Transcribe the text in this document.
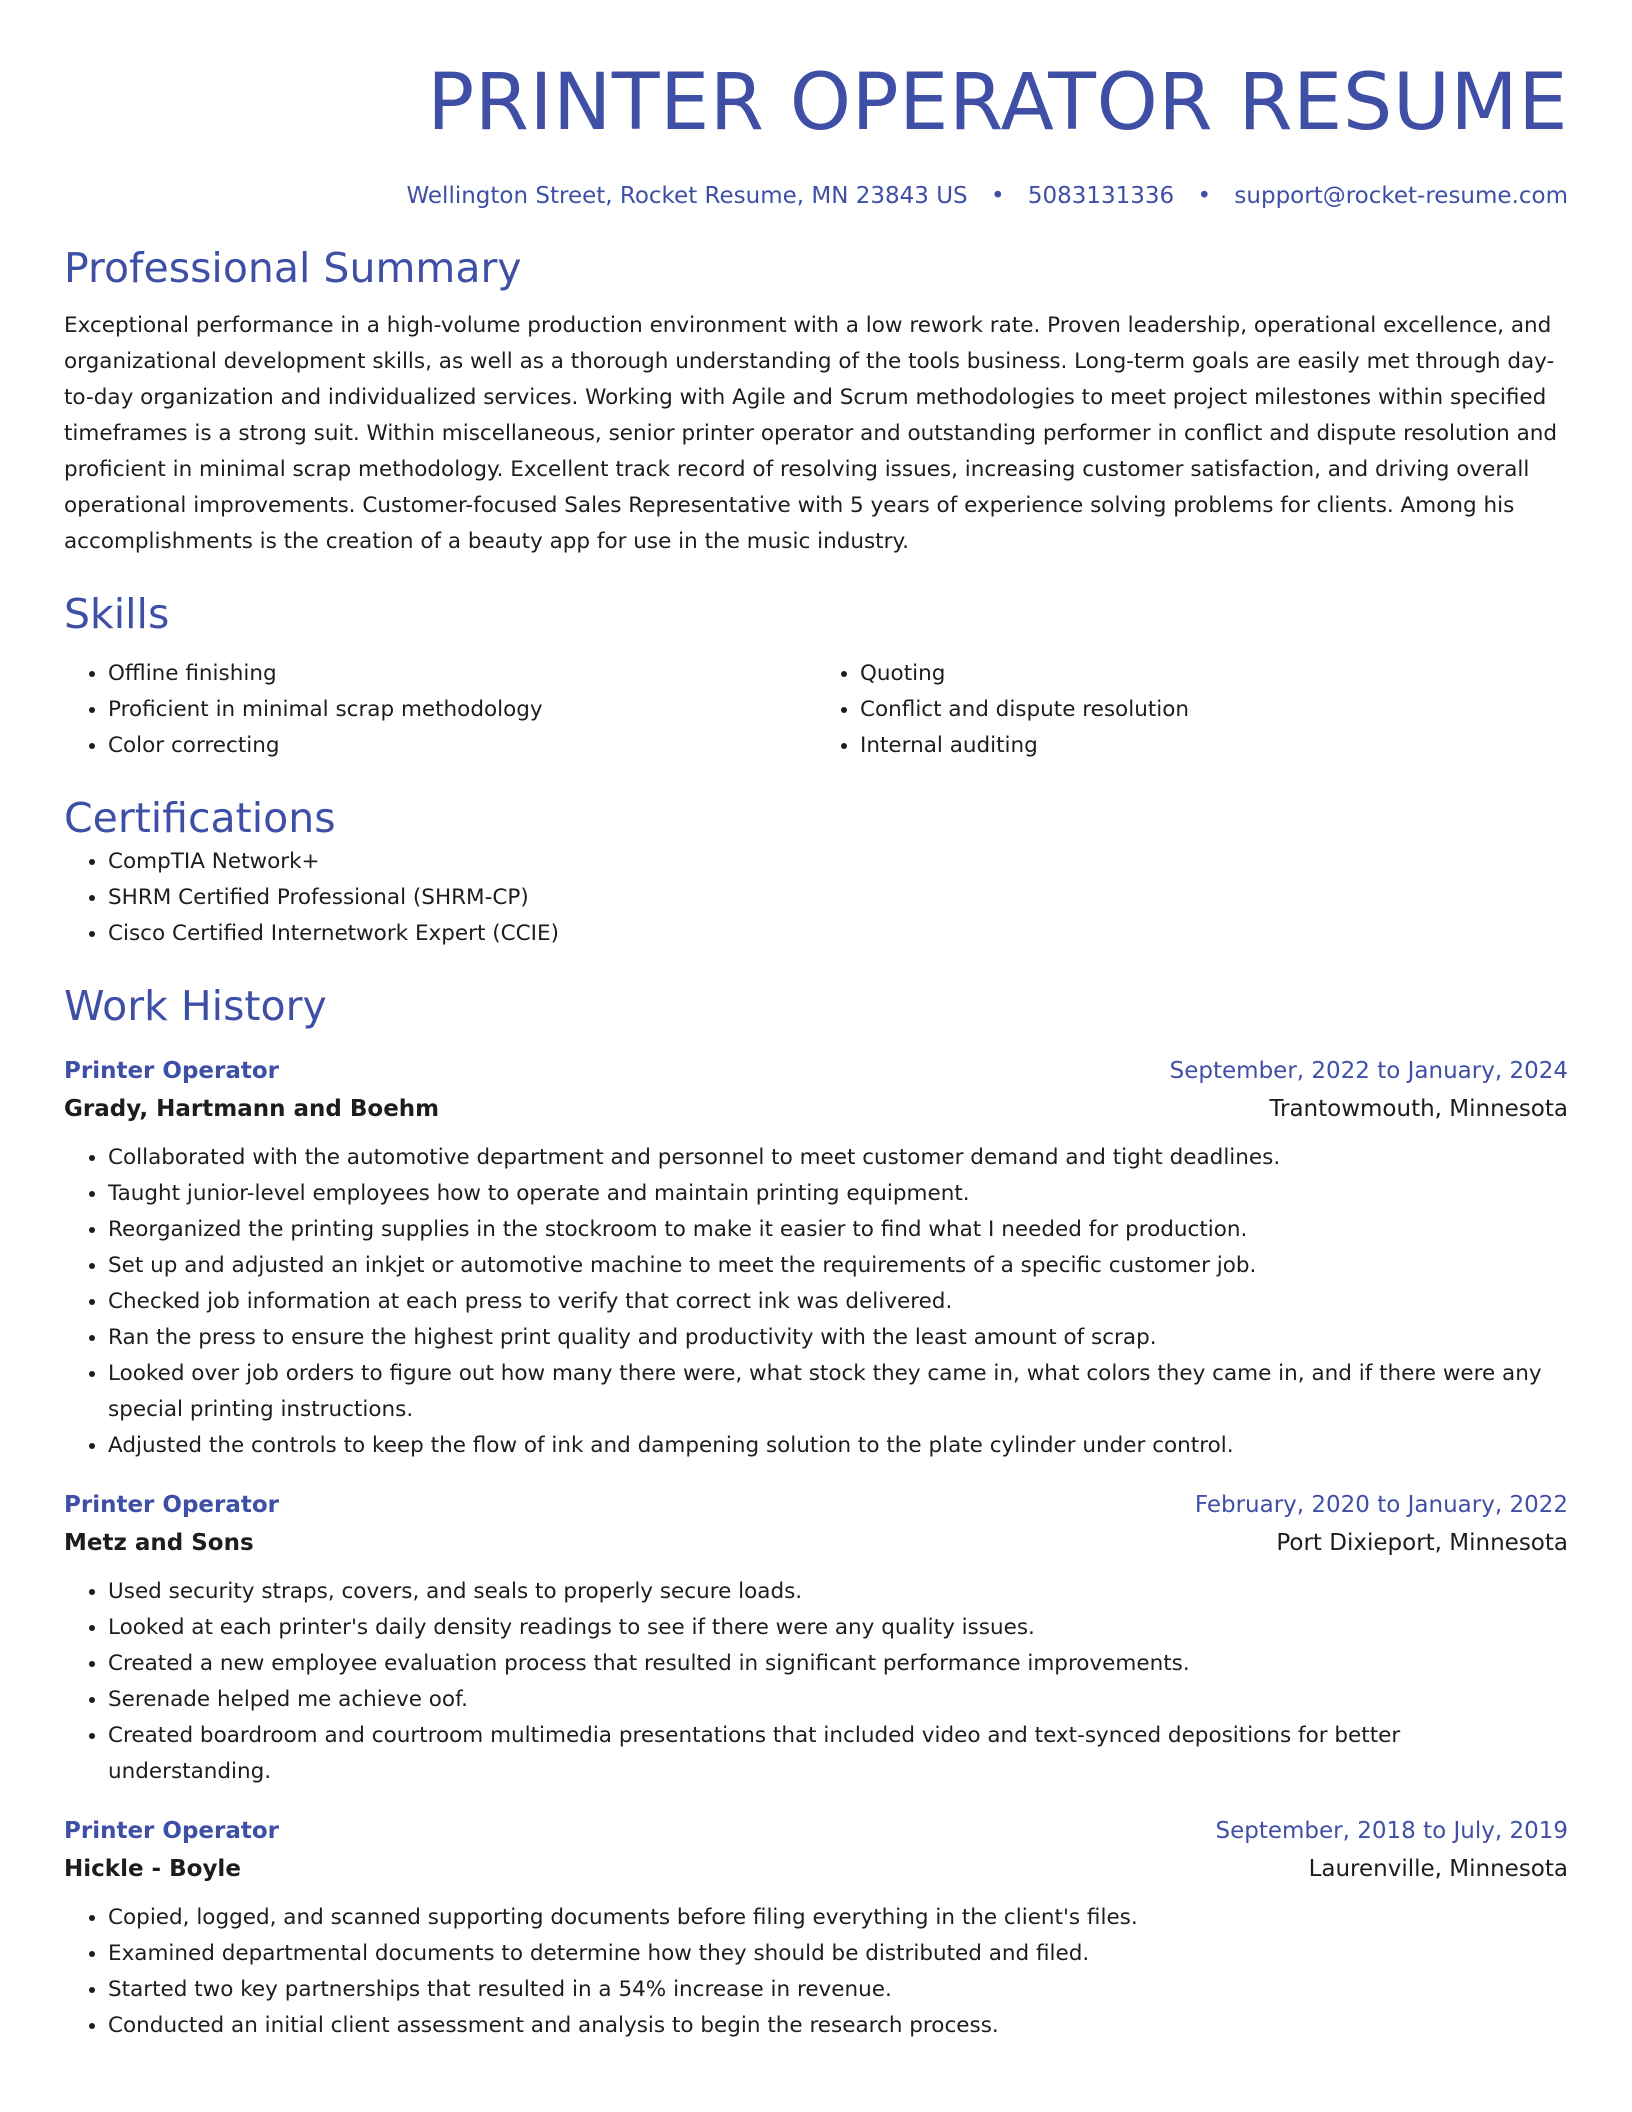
PRINTER OPERATOR RESUME
Wellington Street, Rocket Resume, MN 23843 US • 5083131336 • support@rocket-resume.com
Professional Summary

Exceptional performance in a high-volume production environment with a low rework rate. Proven leadership, operational excellence, and organizational development skills, as well as a thorough understanding of the tools business. Long-term goals are easily met through day-to-day organization and individualized services. Working with Agile and Scrum methodologies to meet project milestones within specified timeframes is a strong suit. Within miscellaneous, senior printer operator and outstanding performer in conflict and dispute resolution and proficient in minimal scrap methodology. Excellent track record of resolving issues, increasing customer satisfaction, and driving overall operational improvements. Customer-focused Sales Representative with 5 years of experience solving problems for clients. Among his accomplishments is the creation of a beauty app for use in the music industry.

Skills
• Offline finishing
• Proficient in minimal scrap methodology
• Color correcting
• Quoting
• Conflict and dispute resolution
• Internal auditing
Certifications
• CompTIA Network+
• SHRM Certified Professional (SHRM-CP)
• Cisco Certified Internetwork Expert (CCIE)
Work History
Printer Operator	September, 2022 to January, 2024
Grady, Hartmann and Boehm	Trantowmouth, Minnesota
• Collaborated with the automotive department and personnel to meet customer demand and tight deadlines.
• Taught junior-level employees how to operate and maintain printing equipment.
• Reorganized the printing supplies in the stockroom to make it easier to find what I needed for production.
• Set up and adjusted an inkjet or automotive machine to meet the requirements of a specific customer job.
• Checked job information at each press to verify that correct ink was delivered.
• Ran the press to ensure the highest print quality and productivity with the least amount of scrap.
• Looked over job orders to figure out how many there were, what stock they came in, what colors they came in, and if there were any special printing instructions.
• Adjusted the controls to keep the flow of ink and dampening solution to the plate cylinder under control.
Printer Operator	February, 2020 to January, 2022
Metz and Sons	Port Dixieport, Minnesota
• Used security straps, covers, and seals to properly secure loads.
• Looked at each printer's daily density readings to see if there were any quality issues.
• Created a new employee evaluation process that resulted in significant performance improvements.
• Serenade helped me achieve oof.
• Created boardroom and courtroom multimedia presentations that included video and text-synced depositions for better understanding.
Printer Operator	September, 2018 to July, 2019
Hickle - Boyle	Laurenville, Minnesota
• Copied, logged, and scanned supporting documents before filing everything in the client's files.
• Examined departmental documents to determine how they should be distributed and filed.
• Started two key partnerships that resulted in a 54% increase in revenue.
• Conducted an initial client assessment and analysis to begin the research process.
